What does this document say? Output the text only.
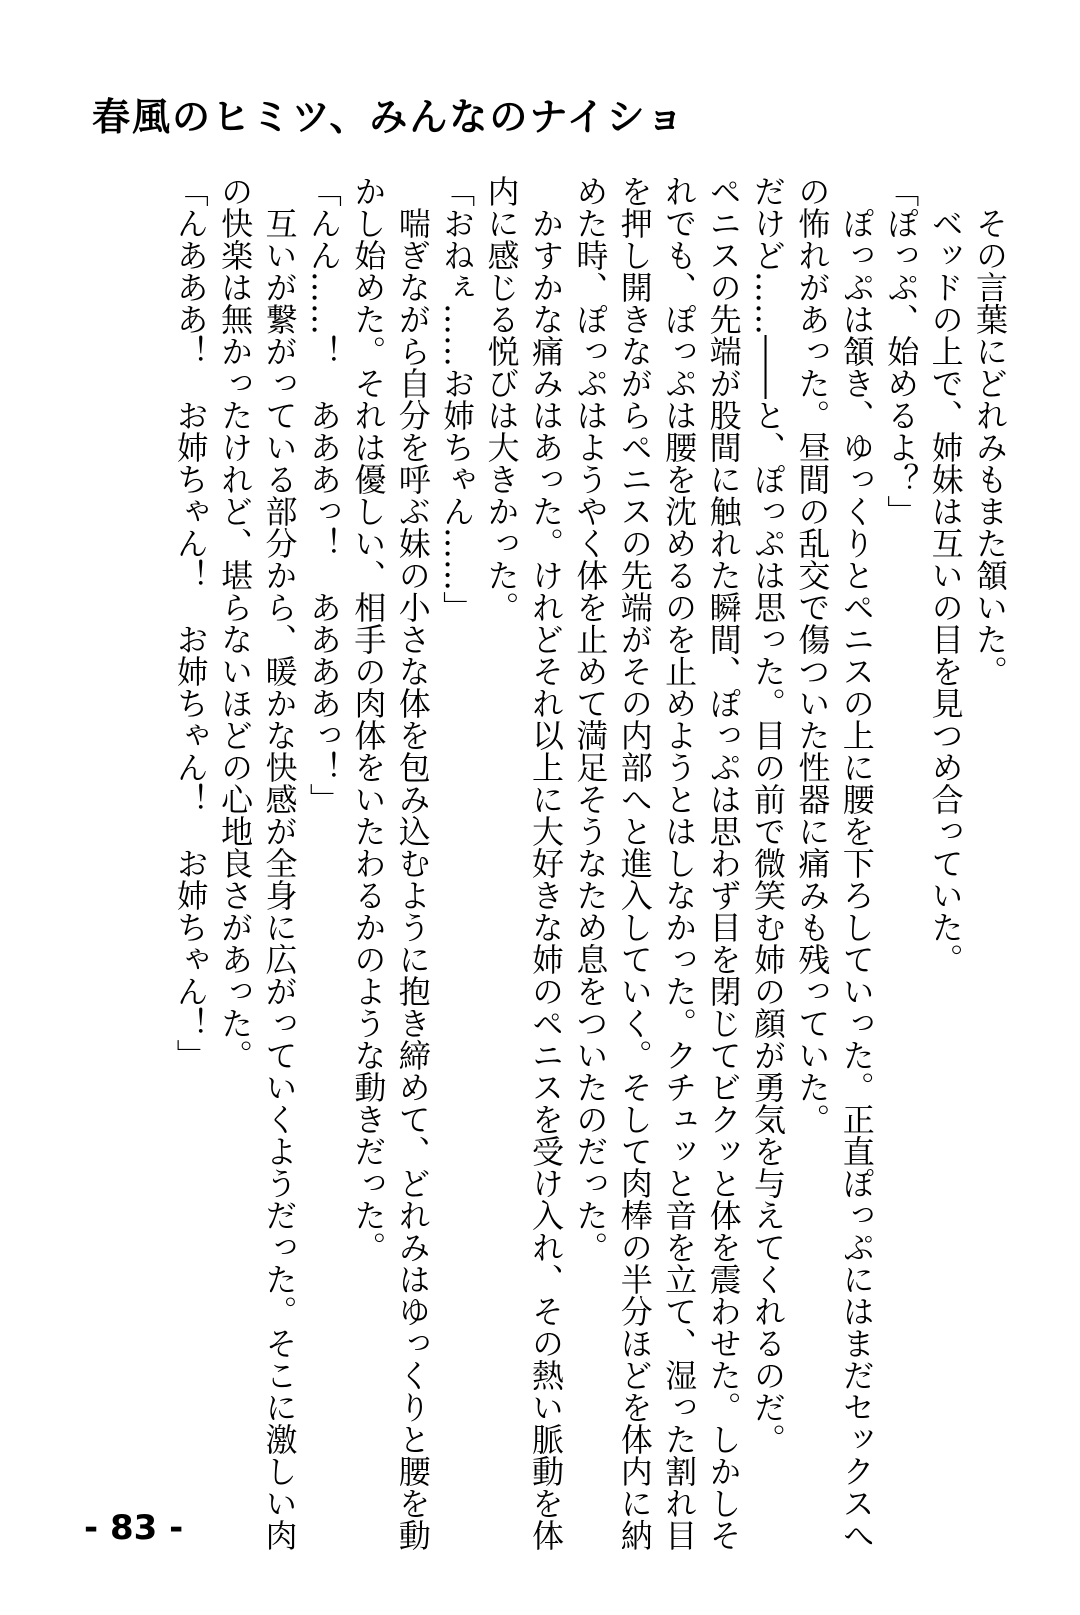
春風のヒミツ、みんなのナイショ

　その言葉にどれみもまた頷いた。

　ベッドの上で、姉妹は互いの目を見つめ合っていた。

「ぽっぷ、始めるよ？」

　ぽっぷは頷き、ゆっくりとペニスの上に腰を下ろしていった。正直ぽっぷにはまだセックスへの怖れがあった。昼間の乱交で傷ついた性器に痛みも残っていた。

だけど……――と、ぽっぷは思った。目の前で微笑む姉の顔が勇気を与えてくれるのだ。

ペニスの先端が股間に触れた瞬間、ぽっぷは思わず目を閉じてビクッと体を震わせた。しかしそれでも、ぽっぷは腰を沈めるのを止めようとはしなかった。クチュッと音を立て、湿った割れ目を押し開きながらペニスの先端がその内部へと進入していく。そして肉棒の半分ほどを体内に納めた時、ぽっぷはようやく体を止めて満足そうなため息をついたのだった。

　かすかな痛みはあった。けれどそれ以上に大好きな姉のペニスを受け入れ、その熱い脈動を体内に感じる悦びは大きかった。

「おねぇ……お姉ちゃん……」

　喘ぎながら自分を呼ぶ妹の小さな体を包み込むように抱き締めて、どれみはゆっくりと腰を動かし始めた。それは優しい、相手の肉体をいたわるかのような動きだった。

「んん……！　あああっ！　ああああっ！」

　互いが繋がっている部分から、暖かな快感が全身に広がっていくようだった。そこに激しい肉の快楽は無かったけれど、堪らないほどの心地良さがあった。

「んあああ！　お姉ちゃん！　お姉ちゃん！　お姉ちゃん！」

- 83 -
